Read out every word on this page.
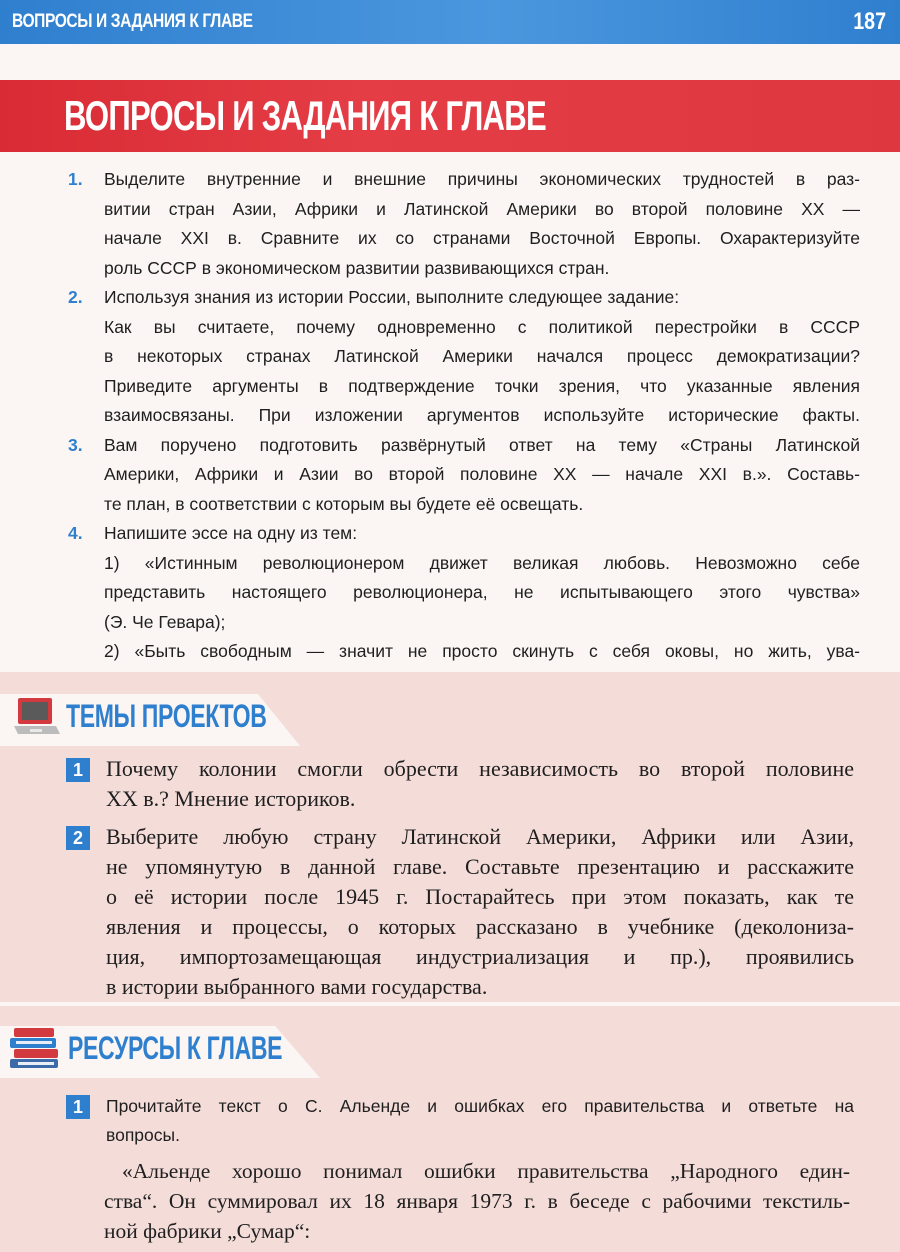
ВОПРОСЫ И ЗАДАНИЯ К ГЛАВЕ	187
ВОПРОСЫ И ЗАДАНИЯ К ГЛАВЕ
1. Выделите внутренние и внешние причины экономических трудностей в раз-
витии стран Азии, Африки и Латинской Америки во второй половине XX —
начале XXI в. Сравните их со странами Восточной Европы. Охарактеризуйте
роль СССР в экономическом развитии развивающихся стран.
2. Используя знания из истории России, выполните следующее задание:
Как вы считаете, почему одновременно с политикой перестройки в СССР
в некоторых странах Латинской Америки начался процесс демократизации?
Приведите аргументы в подтверждение точки зрения, что указанные явления
взаимосвязаны. При изложении аргументов используйте исторические факты.
3. Вам поручено подготовить развёрнутый ответ на тему «Страны Латинской
Америки, Африки и Азии во второй половине XX — начале XXI в.». Составь-
те план, в соответствии с которым вы будете её освещать.
4. Напишите эссе на одну из тем:
1) «Истинным революционером движет великая любовь. Невозможно себе
представить настоящего революционера, не испытывающего этого чувства»
(Э. Че Гевара);
2) «Быть свободным — значит не просто скинуть с себя оковы, но жить, ува-
ТЕМЫ ПРОЕКТОВ
1	Почему колонии смогли обрести независимость во второй половине
XX в.? Мнение историков.
2	Выберите любую страну Латинской Америки, Африки или Азии,
не упомянутую в данной главе. Составьте презентацию и расскажите
о её истории после 1945 г. Постарайтесь при этом показать, как те
явления и процессы, о которых рассказано в учебнике (деколониза-
ция, импортозамещающая индустриализация и пр.), проявились
в истории выбранного вами государства.
РЕСУРСЫ К ГЛАВЕ
1	Прочитайте текст о С. Альенде и ошибках его правительства и ответьте на
вопросы.
«Альенде хорошо понимал ошибки правительства „Народного един-
ства“. Он суммировал их 18 января 1973 г. в беседе с рабочими текстиль-
ной фабрики „Сумар“:
